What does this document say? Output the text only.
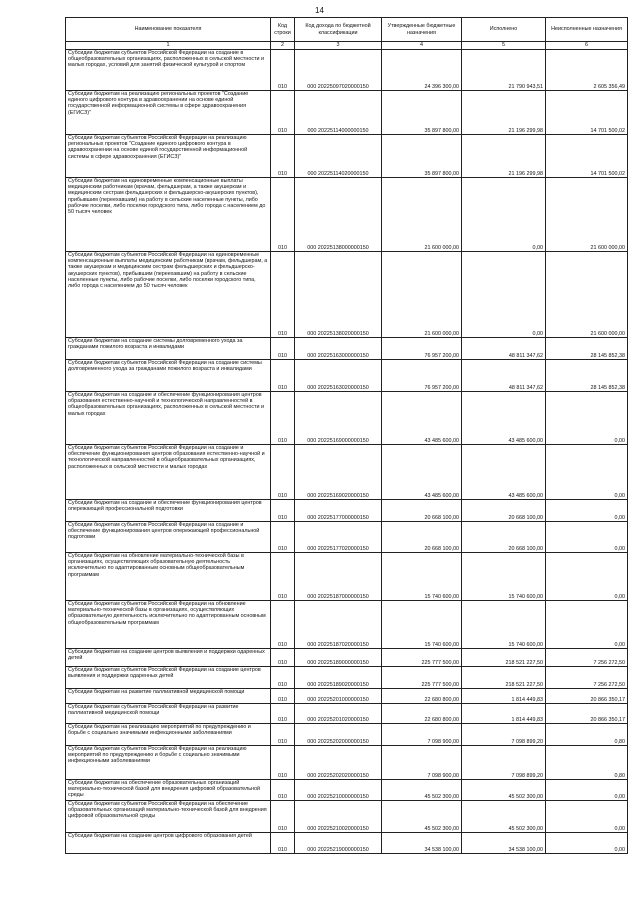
14
Наименование показателя	Код строки	Код дохода по бюджетной классификации	Утвержденные бюджетные назначения	Исполнено	Неисполненные назначения
1	2	3	4	5	6
Субсидии бюджетам субъектов Российской Федерации на создание в общеобразовательных организациях, расположенных в сельской местности и малых городах, условий для занятий физической культурой и спортом	010	000 20225097020000150	24 396 300,00	21 790 943,51	2 605 356,49
Субсидии бюджетам на реализацию региональных проектов "Создание единого цифрового контура в здравоохранении на основе единой государственной информационной системы в сфере здравоохранения (ЕГИСЗ)"	010	000 20225114000000150	35 897 800,00	21 196 299,98	14 701 500,02
Субсидии бюджетам субъектов Российской Федерации на реализацию региональных проектов "Создание единого цифрового контура в здравоохранении на основе единой государственной информационной системы в сфере здравоохранения (ЕГИСЗ)"	010	000 20225114020000150	35 897 800,00	21 196 299,98	14 701 500,02
Субсидии бюджетам на единовременные компенсационные выплаты медицинским работникам (врачам, фельдшерам, а также акушеркам и медицинским сестрам фельдшерских и фельдшерско-акушерских пунктов), прибывшим (переехавшим) на работу в сельские населенные пункты, либо рабочие поселки, либо поселки городского типа, либо города с населением до 50 тысяч человек	010	000 20225138000000150	21 600 000,00	0,00	21 600 000,00
Субсидии бюджетам субъектов Российской Федерации на единовременные компенсационные выплаты медицинским работникам (врачам, фельдшерам, а также акушеркам и медицинским сестрам фельдшерских и фельдшерско-акушерских пунктов), прибывшим (переехавшим) на работу в сельские населенные пункты, либо рабочие поселки, либо поселки городского типа, либо города с населением до 50 тысяч человек	010	000 20225138020000150	21 600 000,00	0,00	21 600 000,00
Субсидии бюджетам на создание системы долговременного ухода за гражданами пожилого возраста и инвалидами	010	000 20225163000000150	76 957 200,00	48 811 347,62	28 145 852,38
Субсидии бюджетам субъектов Российской Федерации на создание системы долговременного ухода за гражданами пожилого возраста и инвалидами	010	000 20225163020000150	76 957 200,00	48 811 347,62	28 145 852,38
Субсидии бюджетам на создание и обеспечение функционирования центров образования естественно-научной и технологической направленностей в общеобразовательных организациях, расположенных в сельской местности и малых городах	010	000 20225169000000150	43 485 600,00	43 485 600,00	0,00
Субсидии бюджетам субъектов Российской Федерации на создание и обеспечение функционирования центров образования естественно-научной и технологической направленностей в общеобразовательных организациях, расположенных в сельской местности и малых городах	010	000 20225169020000150	43 485 600,00	43 485 600,00	0,00
Субсидии бюджетам на создание и обеспечение функционирования центров опережающей профессиональной подготовки	010	000 20225177000000150	20 668 100,00	20 668 100,00	0,00
Субсидии бюджетам субъектов Российской Федерации на создание и обеспечение функционирования центров опережающей профессиональной подготовки	010	000 20225177020000150	20 668 100,00	20 668 100,00	0,00
Субсидии бюджетам на обновление материально-технической базы в организациях, осуществляющих образовательную деятельность исключительно по адаптированным основным общеобразовательным программам	010	000 20225187000000150	15 740 600,00	15 740 600,00	0,00
Субсидии бюджетам субъектов Российской Федерации на обновление материально-технической базы в организациях, осуществляющих образовательную деятельность исключительно по адаптированным основным общеобразовательным программам	010	000 20225187020000150	15 740 600,00	15 740 600,00	0,00
Субсидии бюджетам на создание центров выявления и поддержки одаренных детей	010	000 20225189000000150	225 777 500,00	218 521 227,50	7 256 272,50
Субсидии бюджетам субъектов Российской Федерации на создание центров выявления и поддержки одаренных детей	010	000 20225189020000150	225 777 500,00	218 521 227,50	7 256 272,50
Субсидии бюджетам на развитие паллиативной медицинской помощи	010	000 20225201000000150	22 680 800,00	1 814 449,83	20 866 350,17
Субсидии бюджетам субъектов Российской Федерации на развитие паллиативной медицинской помощи	010	000 20225201020000150	22 680 800,00	1 814 449,83	20 866 350,17
Субсидии бюджетам на реализацию мероприятий по предупреждению и борьбе с социально значимыми инфекционными заболеваниями	010	000 20225202000000150	7 098 900,00	7 098 899,20	0,80
Субсидии бюджетам субъектов Российской Федерации на реализацию мероприятий по предупреждению и борьбе с социально значимыми инфекционными заболеваниями	010	000 20225202020000150	7 098 900,00	7 098 899,20	0,80
Субсидии бюджетам на обеспечение образовательных организаций материально-технической базой для внедрения цифровой образовательной среды	010	000 20225210000000150	45 502 300,00	45 502 300,00	0,00
Субсидии бюджетам субъектов Российской Федерации на обеспечение образовательных организаций материально-технической базой для внедрения цифровой образовательной среды	010	000 20225210020000150	45 502 300,00	45 502 300,00	0,00
Субсидии бюджетам на создание центров цифрового образования детей	010	000 20225219000000150	34 538 100,00	34 538 100,00	0,00
